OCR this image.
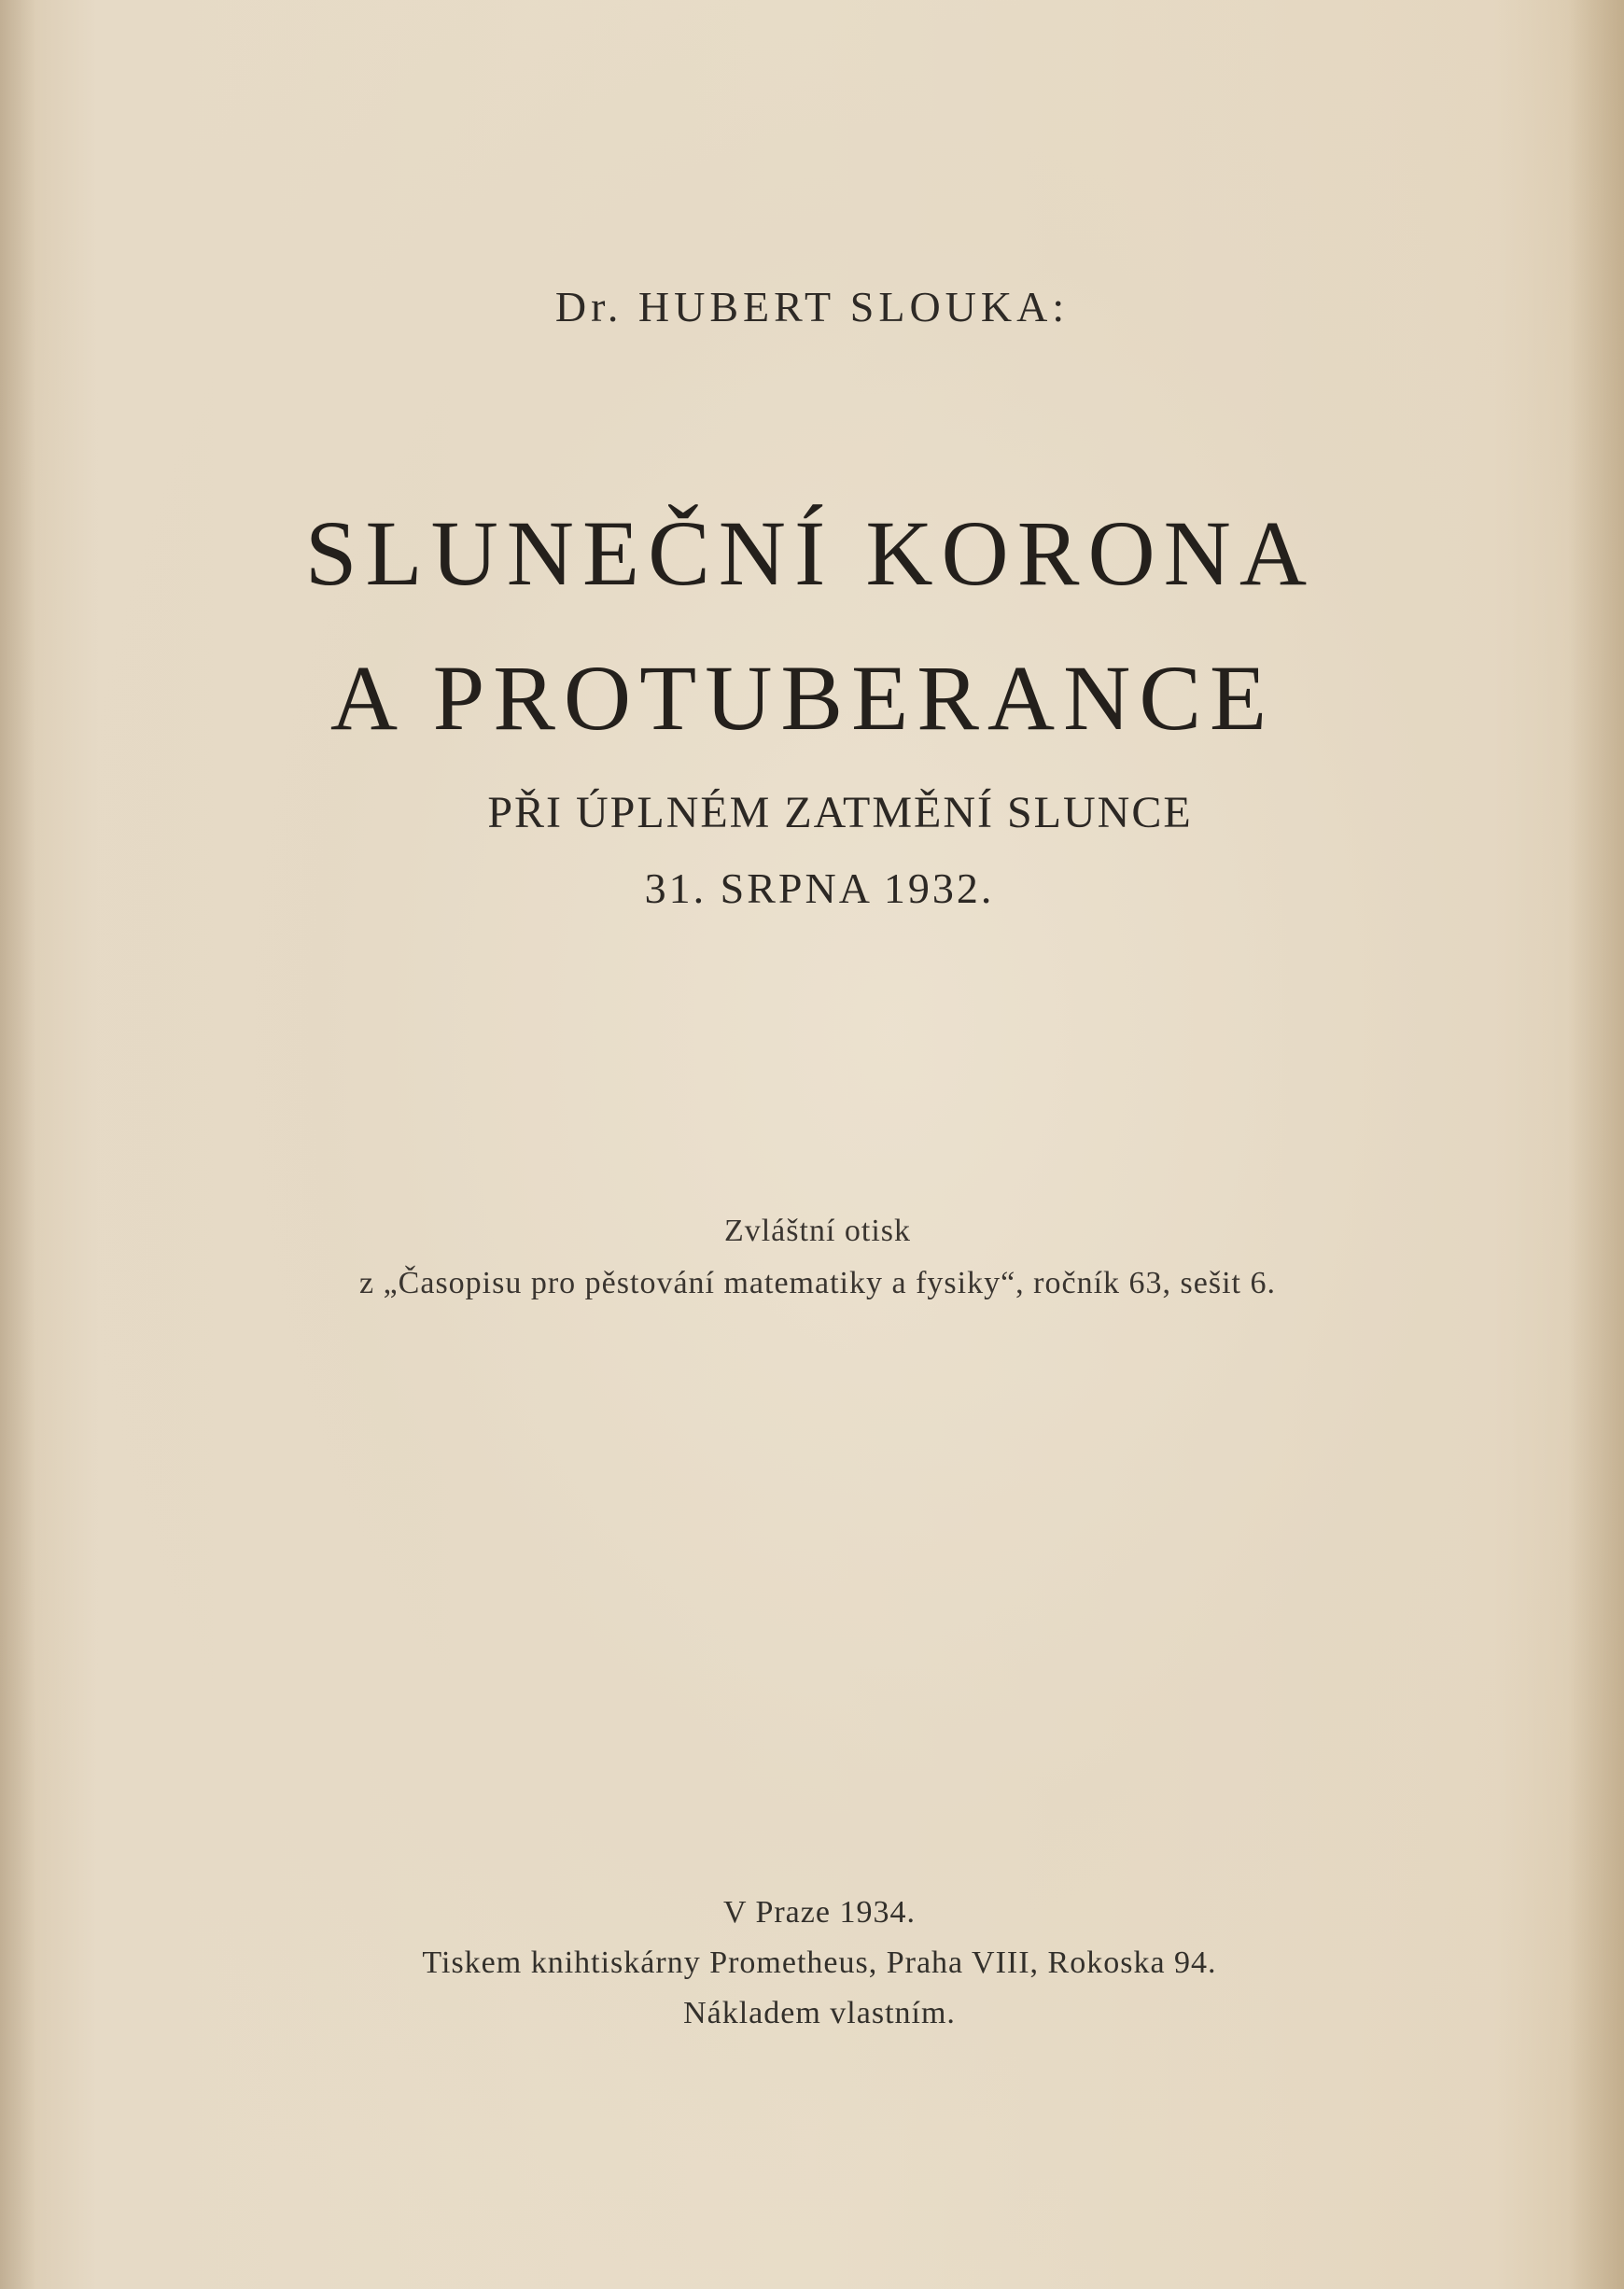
Dr. HUBERT SLOUKA:
SLUNEČNÍ KORONA
A PROTUBERANCE
PŘI ÚPLNÉM ZATMĚNÍ SLUNCE
31. SRPNA 1932.
Zvláštní otisk
z „Časopisu pro pěstování matematiky a fysiky“, ročník 63, sešit 6.
V Praze 1934.
Tiskem knihtiskárny Prometheus, Praha VIII, Rokoska 94.
Nákladem vlastním.
